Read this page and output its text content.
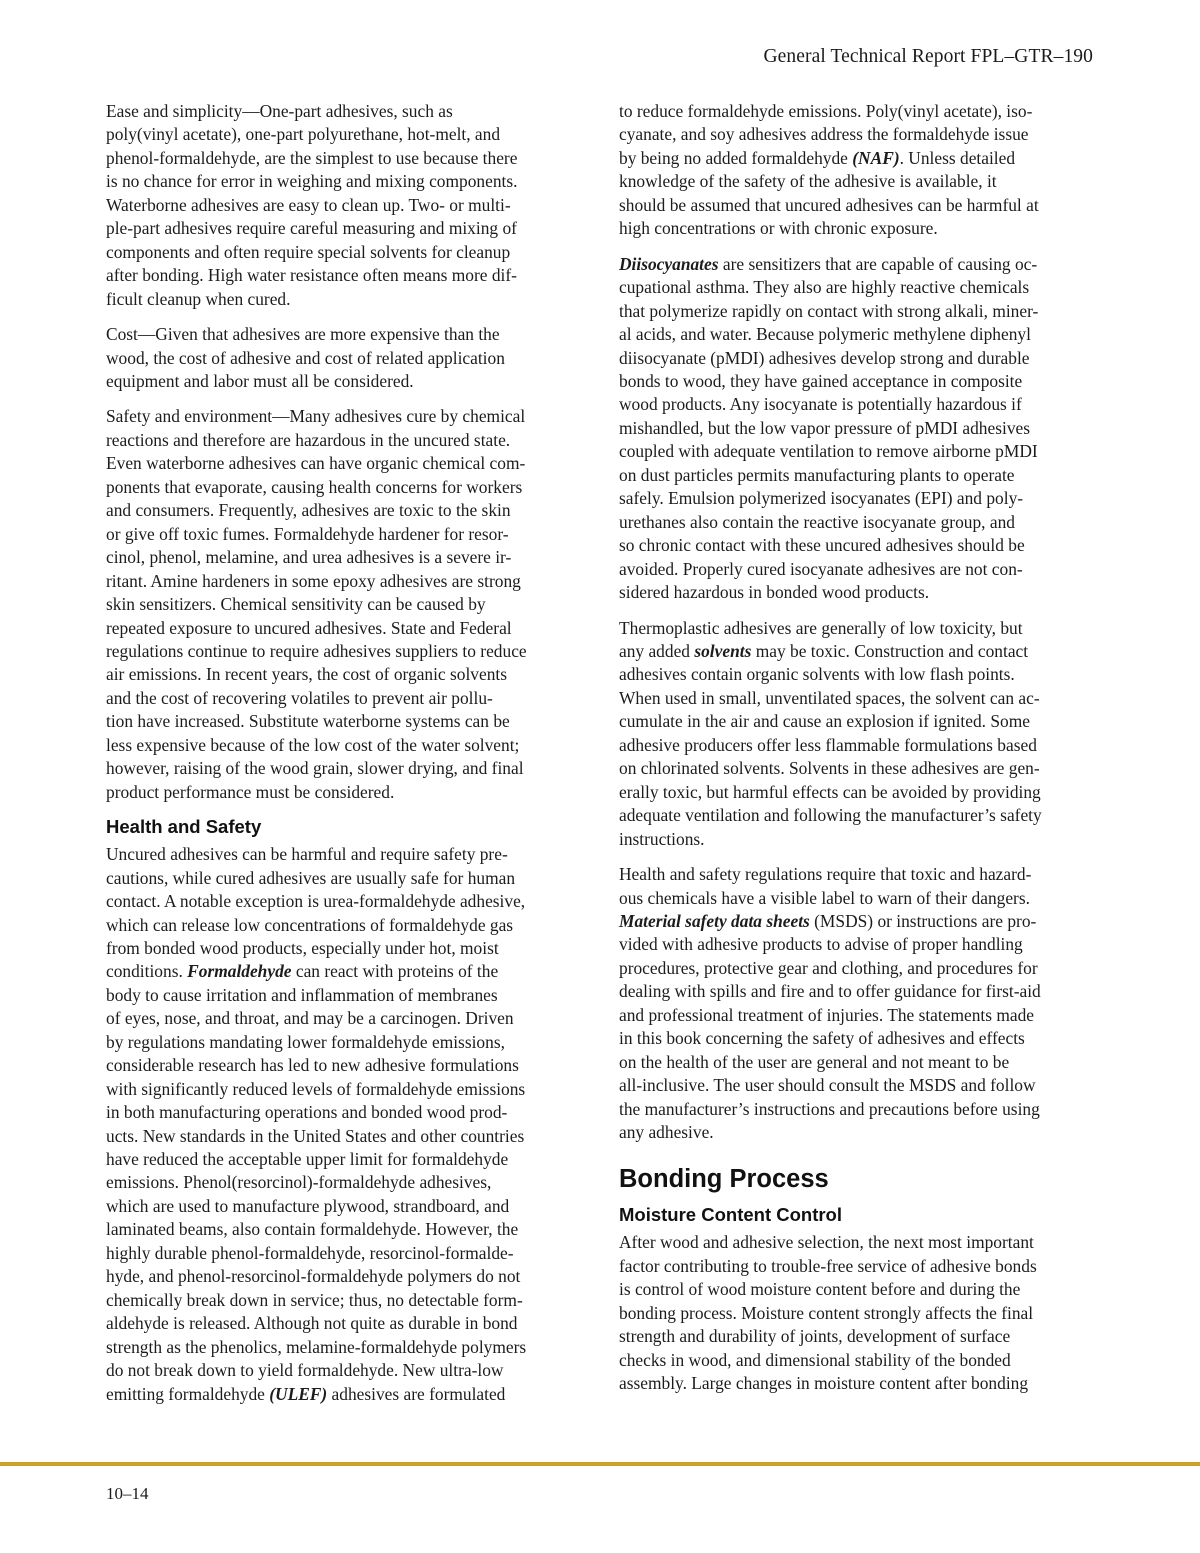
General Technical Report FPL–GTR–190

Ease and simplicity—One-part adhesives, such as
poly(vinyl acetate), one-part polyurethane, hot-melt, and
phenol-formaldehyde, are the simplest to use because there
is no chance for error in weighing and mixing components.
Waterborne adhesives are easy to clean up. Two- or multi-
ple-part adhesives require careful measuring and mixing of
components and often require special solvents for cleanup
after bonding. High water resistance often means more dif-
ficult cleanup when cured.

Cost—Given that adhesives are more expensive than the
wood, the cost of adhesive and cost of related application
equipment and labor must all be considered.

Safety and environment—Many adhesives cure by chemical
reactions and therefore are hazardous in the uncured state.
Even waterborne adhesives can have organic chemical com-
ponents that evaporate, causing health concerns for workers
and consumers. Frequently, adhesives are toxic to the skin
or give off toxic fumes. Formaldehyde hardener for resor-
cinol, phenol, melamine, and urea adhesives is a severe ir-
ritant. Amine hardeners in some epoxy adhesives are strong
skin sensitizers. Chemical sensitivity can be caused by
repeated exposure to uncured adhesives. State and Federal
regulations continue to require adhesives suppliers to reduce
air emissions. In recent years, the cost of organic solvents
and the cost of recovering volatiles to prevent air pollu-
tion have increased. Substitute waterborne systems can be
less expensive because of the low cost of the water solvent;
however, raising of the wood grain, slower drying, and final
product performance must be considered.

Health and Safety

Uncured adhesives can be harmful and require safety pre-
cautions, while cured adhesives are usually safe for human
contact. A notable exception is urea-formaldehyde adhesive,
which can release low concentrations of formaldehyde gas
from bonded wood products, especially under hot, moist
conditions. Formaldehyde can react with proteins of the
body to cause irritation and inflammation of membranes
of eyes, nose, and throat, and may be a carcinogen. Driven
by regulations mandating lower formaldehyde emissions,
considerable research has led to new adhesive formulations
with significantly reduced levels of formaldehyde emissions
in both manufacturing operations and bonded wood prod-
ucts. New standards in the United States and other countries
have reduced the acceptable upper limit for formaldehyde
emissions. Phenol(resorcinol)-formaldehyde adhesives,
which are used to manufacture plywood, strandboard, and
laminated beams, also contain formaldehyde. However, the
highly durable phenol-formaldehyde, resorcinol-formalde-
hyde, and phenol-resorcinol-formaldehyde polymers do not
chemically break down in service; thus, no detectable form-
aldehyde is released. Although not quite as durable in bond
strength as the phenolics, melamine-formaldehyde polymers
do not break down to yield formaldehyde. New ultra-low
emitting formaldehyde (ULEF) adhesives are formulated

to reduce formaldehyde emissions. Poly(vinyl acetate), iso-
cyanate, and soy adhesives address the formaldehyde issue
by being no added formaldehyde (NAF). Unless detailed
knowledge of the safety of the adhesive is available, it
should be assumed that uncured adhesives can be harmful at
high concentrations or with chronic exposure.

Diisocyanates are sensitizers that are capable of causing oc-
cupational asthma. They also are highly reactive chemicals
that polymerize rapidly on contact with strong alkali, miner-
al acids, and water. Because polymeric methylene diphenyl
diisocyanate (pMDI) adhesives develop strong and durable
bonds to wood, they have gained acceptance in composite
wood products. Any isocyanate is potentially hazardous if
mishandled, but the low vapor pressure of pMDI adhesives
coupled with adequate ventilation to remove airborne pMDI
on dust particles permits manufacturing plants to operate
safely. Emulsion polymerized isocyanates (EPI) and poly-
urethanes also contain the reactive isocyanate group, and
so chronic contact with these uncured adhesives should be
avoided. Properly cured isocyanate adhesives are not con-
sidered hazardous in bonded wood products.

Thermoplastic adhesives are generally of low toxicity, but
any added solvents may be toxic. Construction and contact
adhesives contain organic solvents with low flash points.
When used in small, unventilated spaces, the solvent can ac-
cumulate in the air and cause an explosion if ignited. Some
adhesive producers offer less flammable formulations based
on chlorinated solvents. Solvents in these adhesives are gen-
erally toxic, but harmful effects can be avoided by providing
adequate ventilation and following the manufacturer’s safety
instructions.

Health and safety regulations require that toxic and hazard-
ous chemicals have a visible label to warn of their dangers.
Material safety data sheets (MSDS) or instructions are pro-
vided with adhesive products to advise of proper handling
procedures, protective gear and clothing, and procedures for
dealing with spills and fire and to offer guidance for first-aid
and professional treatment of injuries. The statements made
in this book concerning the safety of adhesives and effects
on the health of the user are general and not meant to be
all-inclusive. The user should consult the MSDS and follow
the manufacturer’s instructions and precautions before using
any adhesive.

Bonding Process
Moisture Content Control

After wood and adhesive selection, the next most important
factor contributing to trouble-free service of adhesive bonds
is control of wood moisture content before and during the
bonding process. Moisture content strongly affects the final
strength and durability of joints, development of surface
checks in wood, and dimensional stability of the bonded
assembly. Large changes in moisture content after bonding

10–14
